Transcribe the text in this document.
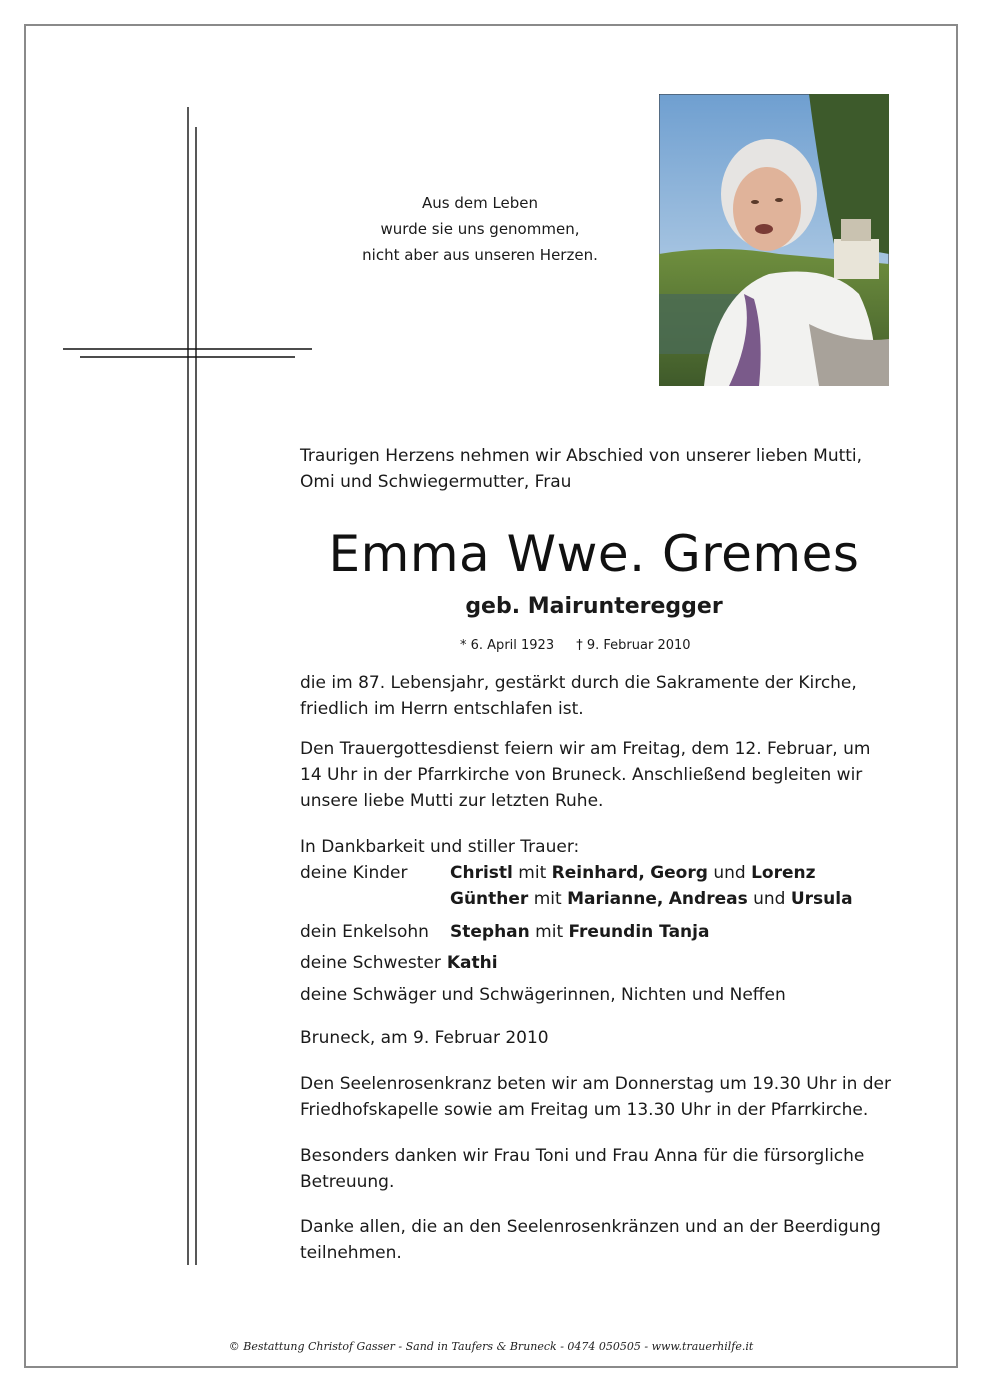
Aus dem Leben
wurde sie uns genommen,
nicht aber aus unseren Herzen.
Traurigen Herzens nehmen wir Abschied von unserer lieben Mutti,
Omi und Schwiegermutter, Frau
Emma Wwe. Gremes
geb. Mairunteregger
* 6. April 1923 † 9. Februar 2010
die im 87. Lebensjahr, gestärkt durch die Sakramente der Kirche,
friedlich im Herrn entschlafen ist.
Den Trauergottesdienst feiern wir am Freitag, dem 12. Februar, um
14 Uhr in der Pfarrkirche von Bruneck. Anschließend begleiten wir
unsere liebe Mutti zur letzten Ruhe.
In Dankbarkeit und stiller Trauer:
deine Kinder	Christl mit Reinhard, Georg und Lorenz
Günther mit Marianne, Andreas und Ursula
dein Enkelsohn Stephan mit Freundin Tanja
deine Schwester Kathi
deine Schwäger und Schwägerinnen, Nichten und Neffen
Bruneck, am 9. Februar 2010
Den Seelenrosenkranz beten wir am Donnerstag um 19.30 Uhr in der
Friedhofskapelle sowie am Freitag um 13.30 Uhr in der Pfarrkirche.
Besonders danken wir Frau Toni und Frau Anna für die fürsorgliche
Betreuung.
Danke allen, die an den Seelenrosenkränzen und an der Beerdigung
teilnehmen.
© Bestattung Christof Gasser - Sand in Taufers & Bruneck - 0474 050505 - www.trauerhilfe.it
